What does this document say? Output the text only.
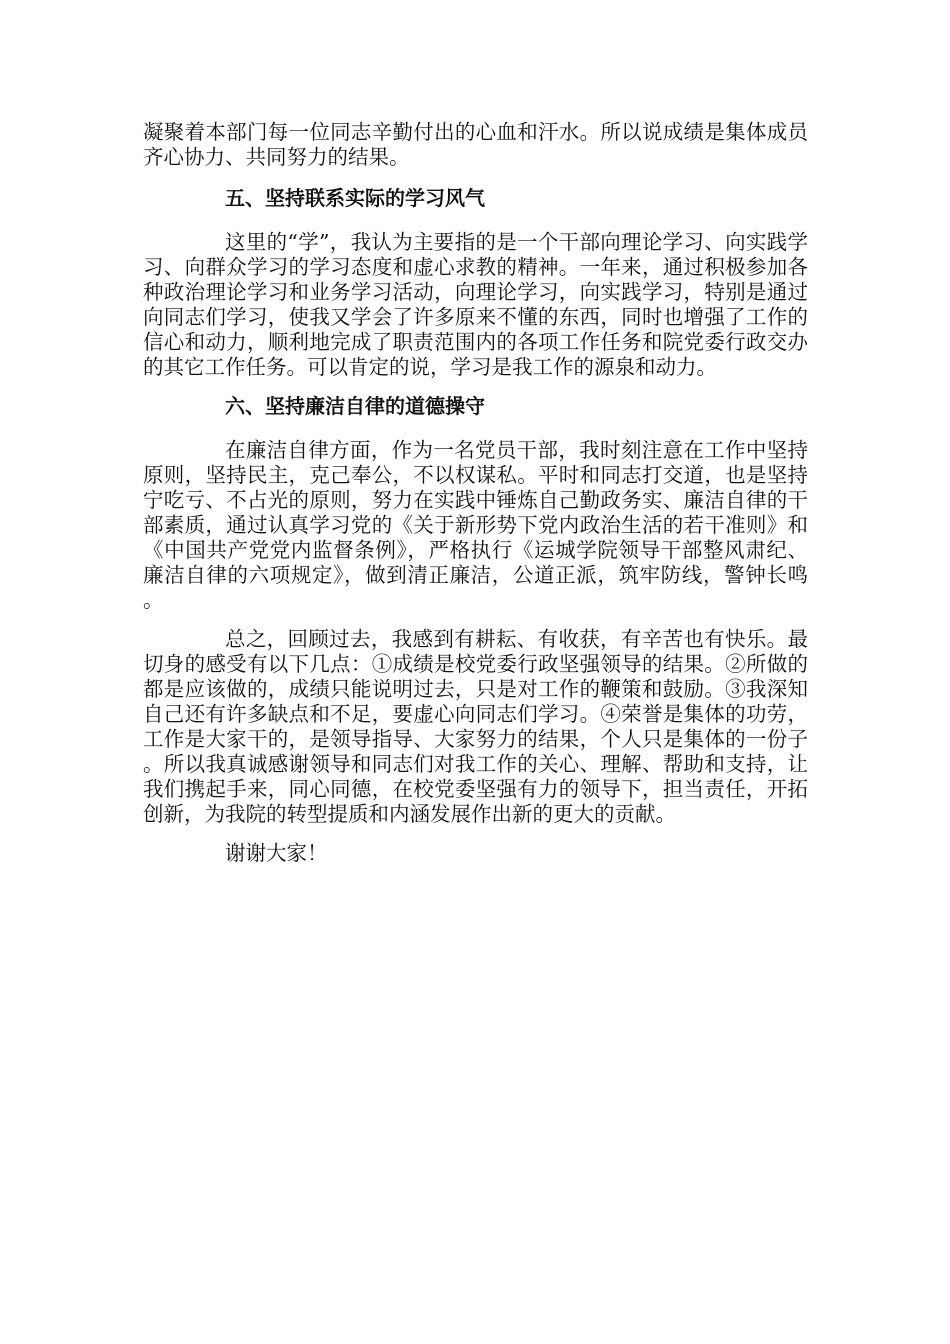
凝聚着本部门每一位同志辛勤付出的心血和汗水。所以说成绩是集体成员齐心协力、共同努力的结果。

五、坚持联系实际的学习风气

这里的“学”，我认为主要指的是一个干部向理论学习、向实践学习、向群众学习的学习态度和虚心求教的精神。一年来，通过积极参加各种政治理论学习和业务学习活动，向理论学习，向实践学习，特别是通过向同志们学习，使我又学会了许多原来不懂的东西，同时也增强了工作的信心和动力，顺利地完成了职责范围内的各项工作任务和院党委行政交办的其它工作任务。可以肯定的说，学习是我工作的源泉和动力。

六、坚持廉洁自律的道德操守

在廉洁自律方面，作为一名党员干部，我时刻注意在工作中坚持原则，坚持民主，克己奉公，不以权谋私。平时和同志打交道，也是坚持宁吃亏、不占光的原则，努力在实践中锤炼自己勤政务实、廉洁自律的干部素质，通过认真学习党的《关于新形势下党内政治生活的若干准则》和《中国共产党党内监督条例》，严格执行《运城学院领导干部整风肃纪、廉洁自律的六项规定》，做到清正廉洁，公道正派，筑牢防线，警钟长鸣。

总之，回顾过去，我感到有耕耘、有收获，有辛苦也有快乐。最切身的感受有以下几点：①成绩是校党委行政坚强领导的结果。②所做的都是应该做的，成绩只能说明过去，只是对工作的鞭策和鼓励。③我深知自己还有许多缺点和不足，要虚心向同志们学习。④荣誉是集体的功劳，工作是大家干的，是领导指导、大家努力的结果，个人只是集体的一份子。所以我真诚感谢领导和同志们对我工作的关心、理解、帮助和支持，让我们携起手来，同心同德，在校党委坚强有力的领导下，担当责任，开拓创新，为我院的转型提质和内涵发展作出新的更大的贡献。

谢谢大家！
